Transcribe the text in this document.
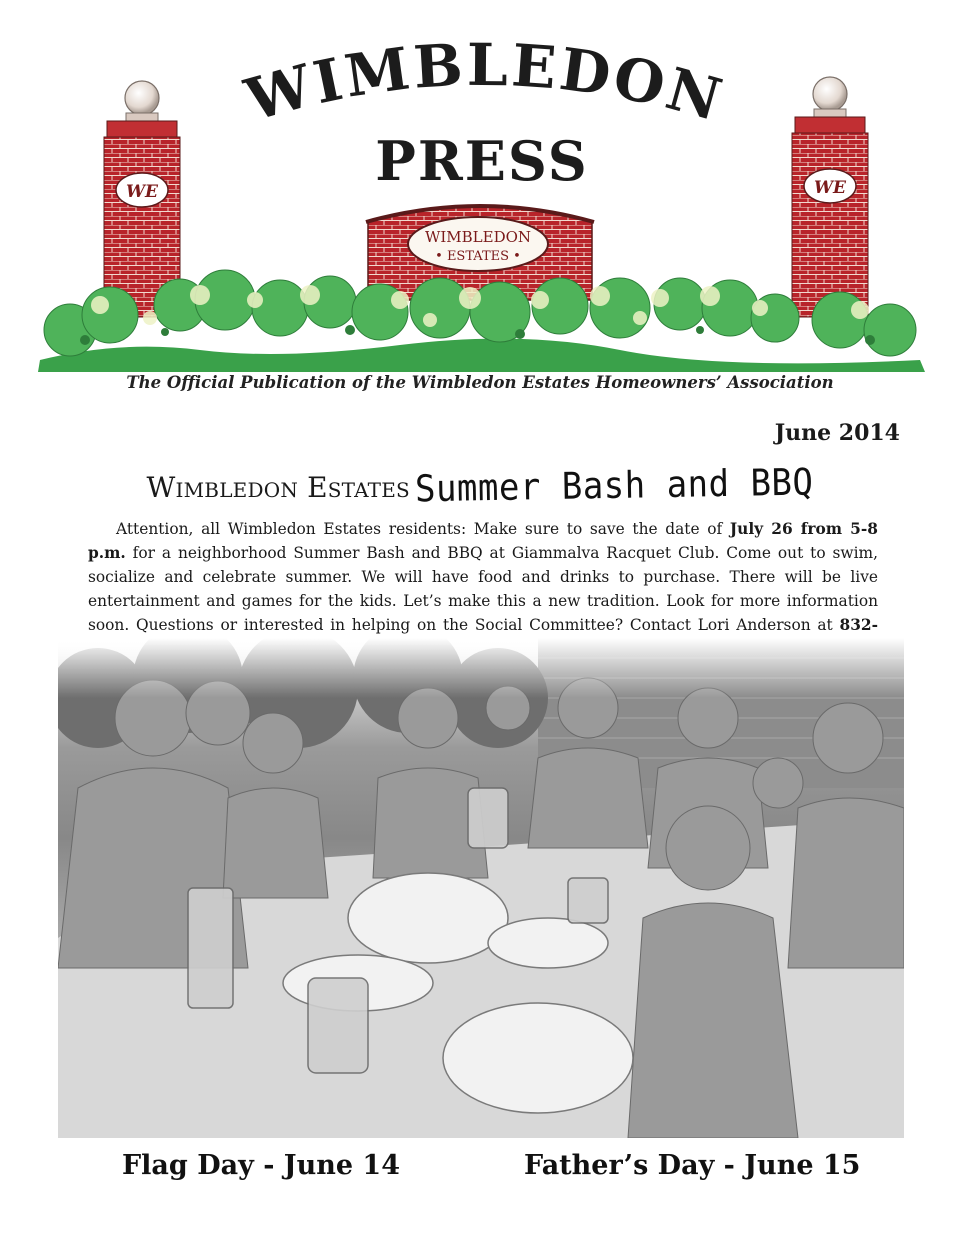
WIMBLEDON
PRESS
WE	WE
WIMBLEDON
• ESTATES •
The Official Publication of the Wimbledon Estates Homeowners’ Association
June 2014
Wimbledon Estates Summer Bash and BBQ

Attention, all Wimbledon Estates residents: Make sure to save the date of July 26 from 5-8 p.m. for a neighborhood Summer Bash and BBQ at Giammalva Racquet Club. Come out to swim, socialize and celebrate summer. We will have food and drinks to purchase. There will be live entertainment and games for the kids. Let’s make this a new tradition. Look for more information soon. Questions or interested in helping on the Social Committee? Contact Lori Anderson at 832-

Flag Day - June 14	Father’s Day - June 15
